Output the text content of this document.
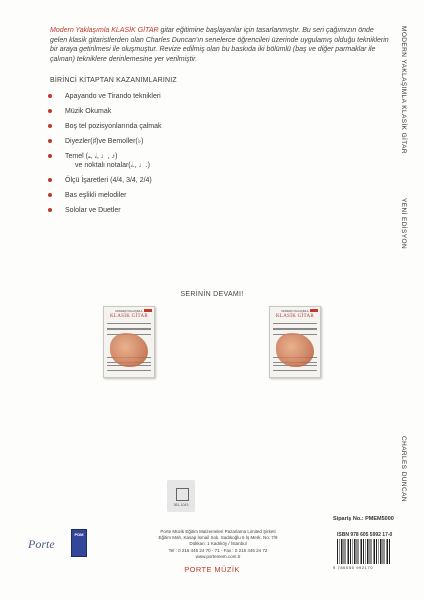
Modern Yaklaşımla KLASİK GİTAR gitar eğitimine başlayanlar için tasarlanmıştır. Bu seri çağımızın önde gelen klasik gitaristlerden olan Charles Duncan'ın senelerce öğrencileri üzerinde uygulamış olduğu tekniklerin bir araya getirilmesi ile oluşmuştur. Revize edilmiş olan bu baskıda iki bölümlü (baş ve diğer parmaklar ile çalınan) tekniklere derinlemesine yer verilmiştir.
BİRİNCİ KİTAPTAN KAZANIMLARINIZ
Apayando ve Tirando teknikleri
Müzik Okumak
Boş tel pozisyonlarında çalmak
Diyezler(♯)ve Bemoller(♭)
Temel (𝅝, 𝅗𝅥, ♩, ♪)
ve noktalı notalar(𝅗𝅥., ♩.)
Ölçü İşaretleri (4/4, 3/4, 2/4)
Bas eşlikli melodiler
Sololar ve Duetler
MODERN YAKLAŞIMLA KLASİK GİTAR
YENİ EDİSYON
CHARLES DUNCAN
SERİNİN DEVAMI!
MODERN YAKLAŞIMLA
KLASİK GİTAR
MODERN YAKLAŞIMLA
KLASİK GİTAR
361-1043
Porte
PDM
Porte Müzik Eğitim Malzemeleri Pazarlama Limited Şirketi
Eğitim Mah. Kasap İsmail Sok. Sadıkoğlu 6 İş Merk. No: 7/9
Dükkan: 1 Kadıköy / İstanbul
Tel : 0 216 445 24 70 - 71 - Fax : 0 216 445 24 72
www.portemem.com.tr
PORTE MÜZİK
Sipariş No.: PMEM5000
ISBN 978 605 5992 17-0
9 786055 992170
